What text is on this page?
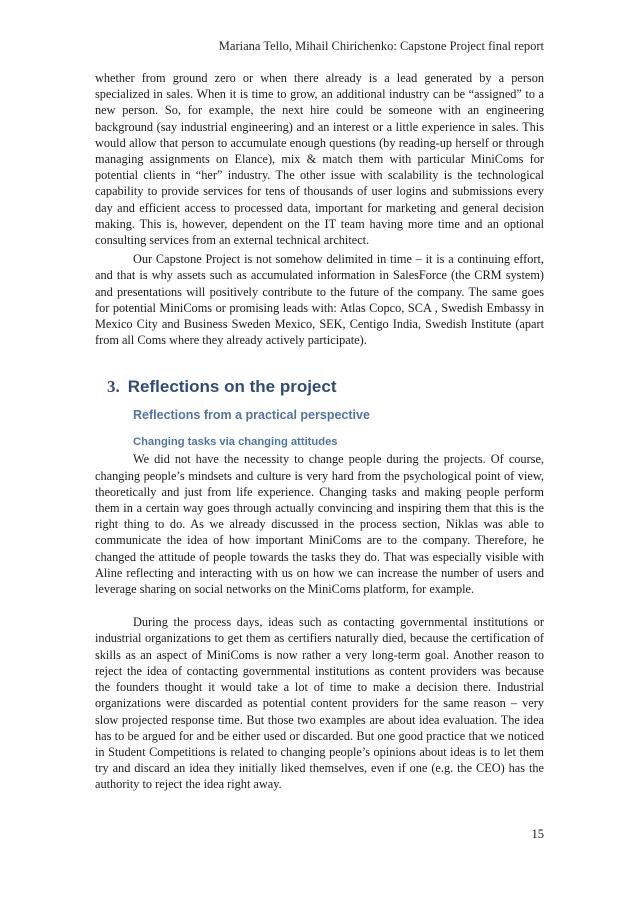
Mariana Tello, Mihail Chirichenko: Capstone Project final report

whether from ground zero or when there already is a lead generated by a person specialized in sales. When it is time to grow, an additional industry can be “assigned” to a new person. So, for example, the next hire could be someone with an engineering background (say industrial engineering) and an interest or a little experience in sales. This would allow that person to accumulate enough questions (by reading-up herself or through managing assignments on Elance), mix & match them with particular MiniComs for potential clients in “her” industry. The other issue with scalability is the technological capability to provide services for tens of thousands of user logins and submissions every day and efficient access to processed data, important for marketing and general decision making. This is, however, dependent on the IT team having more time and an optional consulting services from an external technical architect.

Our Capstone Project is not somehow delimited in time – it is a continuing effort, and that is why assets such as accumulated information in SalesForce (the CRM system) and presentations will positively contribute to the future of the company. The same goes for potential MiniComs or promising leads with: Atlas Copco, SCA , Swedish Embassy in Mexico City and Business Sweden Mexico, SEK, Centigo India, Swedish Institute (apart from all Coms where they already actively participate).

3. Reflections on the project
Reflections from a practical perspective
Changing tasks via changing attitudes

We did not have the necessity to change people during the projects. Of course, changing people’s mindsets and culture is very hard from the psychological point of view, theoretically and just from life experience. Changing tasks and making people perform them in a certain way goes through actually convincing and inspiring them that this is the right thing to do. As we already discussed in the process section, Niklas was able to communicate the idea of how important MiniComs are to the company. Therefore, he changed the attitude of people towards the tasks they do. That was especially visible with Aline reflecting and interacting with us on how we can increase the number of users and leverage sharing on social networks on the MiniComs platform, for example.

During the process days, ideas such as contacting governmental institutions or industrial organizations to get them as certifiers naturally died, because the certification of skills as an aspect of MiniComs is now rather a very long-term goal. Another reason to reject the idea of contacting governmental institutions as content providers was because the founders thought it would take a lot of time to make a decision there. Industrial organizations were discarded as potential content providers for the same reason – very slow projected response time. But those two examples are about idea evaluation. The idea has to be argued for and be either used or discarded. But one good practice that we noticed in Student Competitions is related to changing people’s opinions about ideas is to let them try and discard an idea they initially liked themselves, even if one (e.g. the CEO) has the authority to reject the idea right away.

15
